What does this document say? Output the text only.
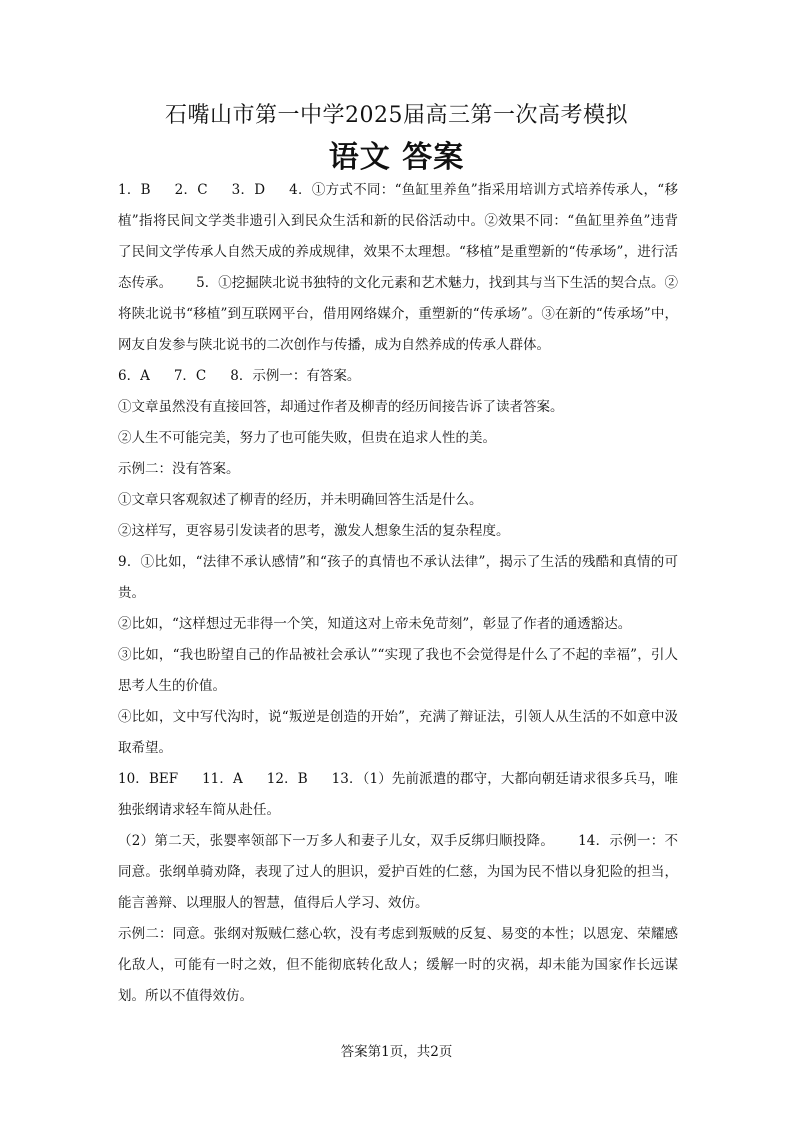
石嘴山市第一中学2025届高三第一次高考模拟
语文 答案

1．B 2．C 3．D 4．①方式不同：“鱼缸里养鱼”指采用培训方式培养传承人，“移植”指将民间文学类非遗引入到民众生活和新的民俗活动中。②效果不同：“鱼缸里养鱼”违背了民间文学传承人自然天成的养成规律，效果不太理想。“移植”是重塑新的“传承场”，进行活态传承。 5．①挖掘陕北说书独特的文化元素和艺术魅力，找到其与当下生活的契合点。②将陕北说书“移植”到互联网平台，借用网络媒介，重塑新的“传承场”。③在新的“传承场”中，网友自发参与陕北说书的二次创作与传播，成为自然养成的传承人群体。

6．A 7．C 8．示例一：有答案。

①文章虽然没有直接回答，却通过作者及柳青的经历间接告诉了读者答案。

②人生不可能完美，努力了也可能失败，但贵在追求人性的美。

示例二：没有答案。

①文章只客观叙述了柳青的经历，并未明确回答生活是什么。

②这样写，更容易引发读者的思考，激发人想象生活的复杂程度。

9．①比如，“法律不承认感情”和“孩子的真情也不承认法律”，揭示了生活的残酷和真情的可贵。

②比如，“这样想过无非得一个笑，知道这对上帝未免苛刻”，彰显了作者的通透豁达。

③比如，“我也盼望自己的作品被社会承认”“实现了我也不会觉得是什么了不起的幸福”，引人思考人生的价值。

④比如，文中写代沟时，说“叛逆是创造的开始”，充满了辩证法，引领人从生活的不如意中汲取希望。

10．BEF 11．A 12．B 13．（1）先前派遣的郡守，大都向朝廷请求很多兵马，唯独张纲请求轻车简从赴任。

（2）第二天，张婴率领部下一万多人和妻子儿女，双手反绑归顺投降。 14．示例一：不同意。张纲单骑劝降，表现了过人的胆识，爱护百姓的仁慈，为国为民不惜以身犯险的担当，能言善辩、以理服人的智慧，值得后人学习、效仿。

示例二：同意。张纲对叛贼仁慈心软，没有考虑到叛贼的反复、易变的本性；以恩宠、荣耀感化敌人，可能有一时之效，但不能彻底转化敌人；缓解一时的灾祸，却未能为国家作长远谋划。所以不值得效仿。

答案第1页，共2页
